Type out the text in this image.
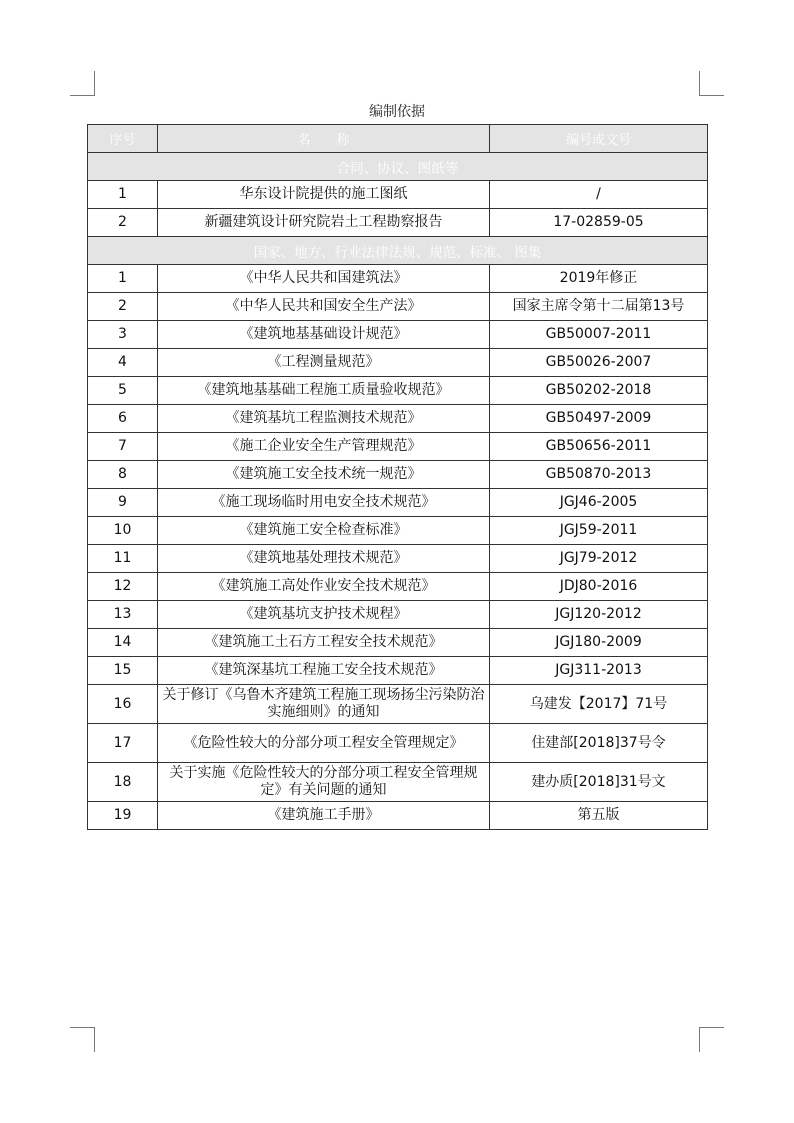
编制依据
序号	名　　称	编号或文号
合同、协议、图纸等		
1	华东设计院提供的施工图纸	/
2	新疆建筑设计研究院岩土工程勘察报告	17-02859-05
国家、地方、行业法律法规、规范、标准、 图集		
1	《中华人民共和国建筑法》	2019年修正
2	《中华人民共和国安全生产法》	国家主席令第十二届第13号
3	《建筑地基基础设计规范》	GB50007-2011
4	《工程测量规范》	GB50026-2007
5	《建筑地基基础工程施工质量验收规范》	GB50202-2018
6	《建筑基坑工程监测技术规范》	GB50497-2009
7	《施工企业安全生产管理规范》	GB50656-2011
8	《建筑施工安全技术统一规范》	GB50870-2013
9	《施工现场临时用电安全技术规范》	JGJ46-2005
10	《建筑施工安全检查标准》	JGJ59-2011
11	《建筑地基处理技术规范》	JGJ79-2012
12	《建筑施工高处作业安全技术规范》	JDJ80-2016
13	《建筑基坑支护技术规程》	JGJ120-2012
14	《建筑施工土石方工程安全技术规范》	JGJ180-2009
15	《建筑深基坑工程施工安全技术规范》	JGJ311-2013
16	关于修订《乌鲁木齐建筑工程施工现场扬尘污染防治实施细则》的通知	乌建发【2017】71号
17	《危险性较大的分部分项工程安全管理规定》	住建部[2018]37号令
18	关于实施《危险性较大的分部分项工程安全管理规定》有关问题的通知	建办质[2018]31号文
19	《建筑施工手册》	第五版
